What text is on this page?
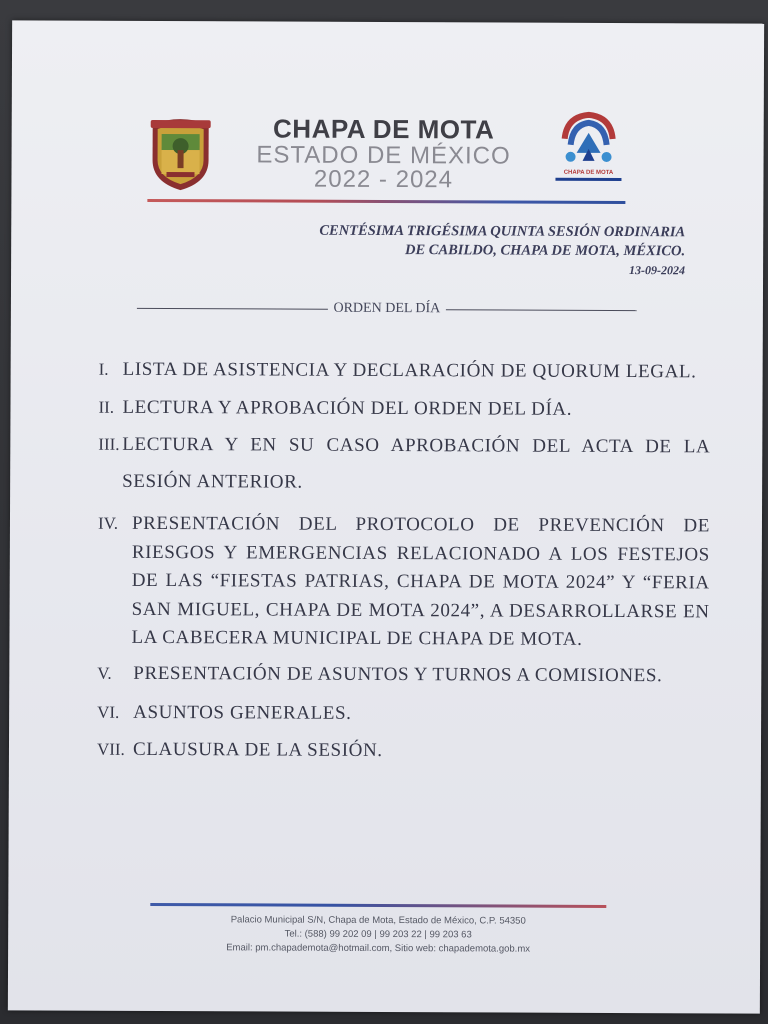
CHAPA DE MOTA
ESTADO DE MÉXICO
2022 - 2024	CHAPA DE MOTA
CENTÉSIMA TRIGÉSIMA QUINTA SESIÓN ORDINARIA
DE CABILDO, CHAPA DE MOTA, MÉXICO.
13-09-2024
ORDEN DEL DÍA
I. LISTA DE ASISTENCIA Y DECLARACIÓN DE QUORUM LEGAL.
II. LECTURA Y APROBACIÓN DEL ORDEN DEL DÍA.
III. LECTURA Y EN SU CASO APROBACIÓN DEL ACTA DE LA SESIÓN ANTERIOR.
IV. PRESENTACIÓN DEL PROTOCOLO DE PREVENCIÓN DE RIESGOS Y EMERGENCIAS RELACIONADO A LOS FESTEJOS DE LAS “FIESTAS PATRIAS, CHAPA DE MOTA 2024” Y “FERIA SAN MIGUEL, CHAPA DE MOTA 2024”, A DESARROLLARSE EN LA CABECERA MUNICIPAL DE CHAPA DE MOTA.
V. PRESENTACIÓN DE ASUNTOS Y TURNOS A COMISIONES.
VI. ASUNTOS GENERALES.
VII. CLAUSURA DE LA SESIÓN.
Palacio Municipal S/N, Chapa de Mota, Estado de México, C.P. 54350
Tel.: (588) 99 202 09 | 99 203 22 | 99 203 63
Email: pm.chapademota@hotmail.com, Sitio web: chapademota.gob.mx
